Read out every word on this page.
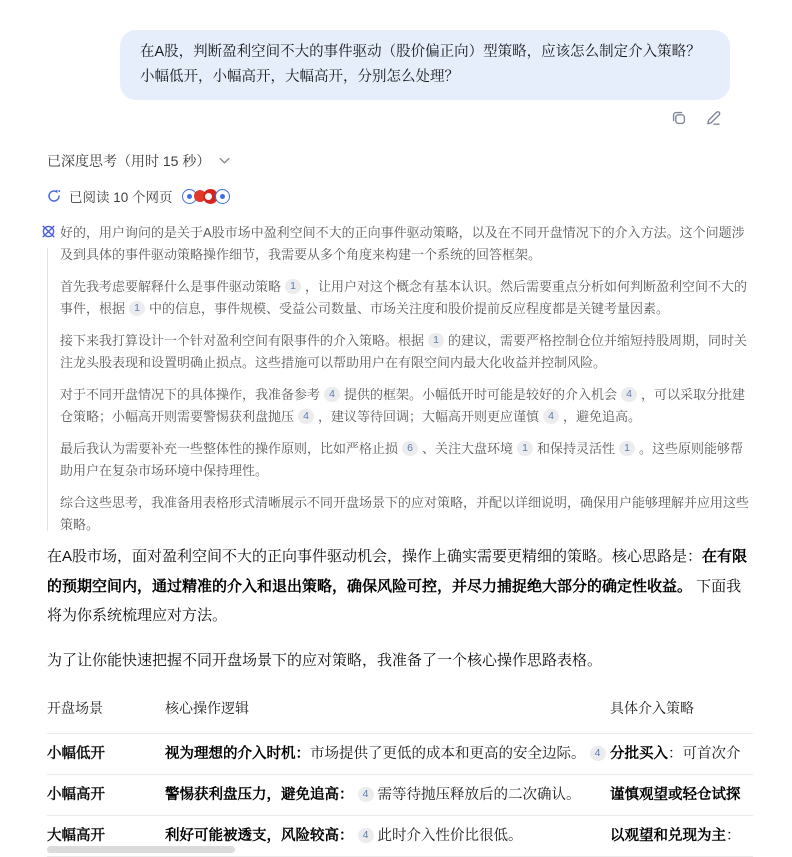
在A股，判断盈利空间不大的事件驱动（股价偏正向）型策略，应该怎么制定介入策略？小幅低开，小幅高开，大幅高开，分别怎么处理？
已深度思考（用时 15 秒）
已阅读 10 个网页

好的，用户询问的是关于A股市场中盈利空间不大的正向事件驱动策略，以及在不同开盘情况下的介入方法。这个问题涉及到具体的事件驱动策略操作细节，我需要从多个角度来构建一个系统的回答框架。

首先我考虑要解释什么是事件驱动策略 1 ，让用户对这个概念有基本认识。然后需要重点分析如何判断盈利空间不大的事件，根据 1 中的信息，事件规模、受益公司数量、市场关注度和股价提前反应程度都是关键考量因素。

接下来我打算设计一个针对盈利空间有限事件的介入策略。根据 1 的建议，需要严格控制仓位并缩短持股周期，同时关注龙头股表现和设置明确止损点。这些措施可以帮助用户在有限空间内最大化收益并控制风险。

对于不同开盘情况下的具体操作，我准备参考 4 提供的框架。小幅低开时可能是较好的介入机会 4 ，可以采取分批建仓策略；小幅高开则需要警惕获利盘抛压 4 ，建议等待回调；大幅高开则更应谨慎 4 ，避免追高。

最后我认为需要补充一些整体性的操作原则，比如严格止损 6 、关注大盘环境 1 和保持灵活性 1 。这些原则能够帮助用户在复杂市场环境中保持理性。

综合这些思考，我准备用表格形式清晰展示不同开盘场景下的应对策略，并配以详细说明，确保用户能够理解并应用这些策略。

在A股市场，面对盈利空间不大的正向事件驱动机会，操作上确实需要更精细的策略。核心思路是：在有限的预期空间内，通过精准的介入和退出策略，确保风险可控，并尽力捕捉绝大部分的确定性收益。 下面我将为你系统梳理应对方法。

为了让你能快速把握不同开盘场景下的应对策略，我准备了一个核心操作思路表格。

开盘场景	核心操作逻辑	具体介入策略
小幅低开	视为理想的介入时机：市场提供了更低的成本和更高的安全边际。 4	分批买入：可首次介
小幅高开	警惕获利盘压力，避免追高： 4 需等待抛压释放后的二次确认。	谨慎观望或轻仓试探
大幅高开	利好可能被透支，风险较高： 4 此时介入性价比很低。	以观望和兑现为主：
